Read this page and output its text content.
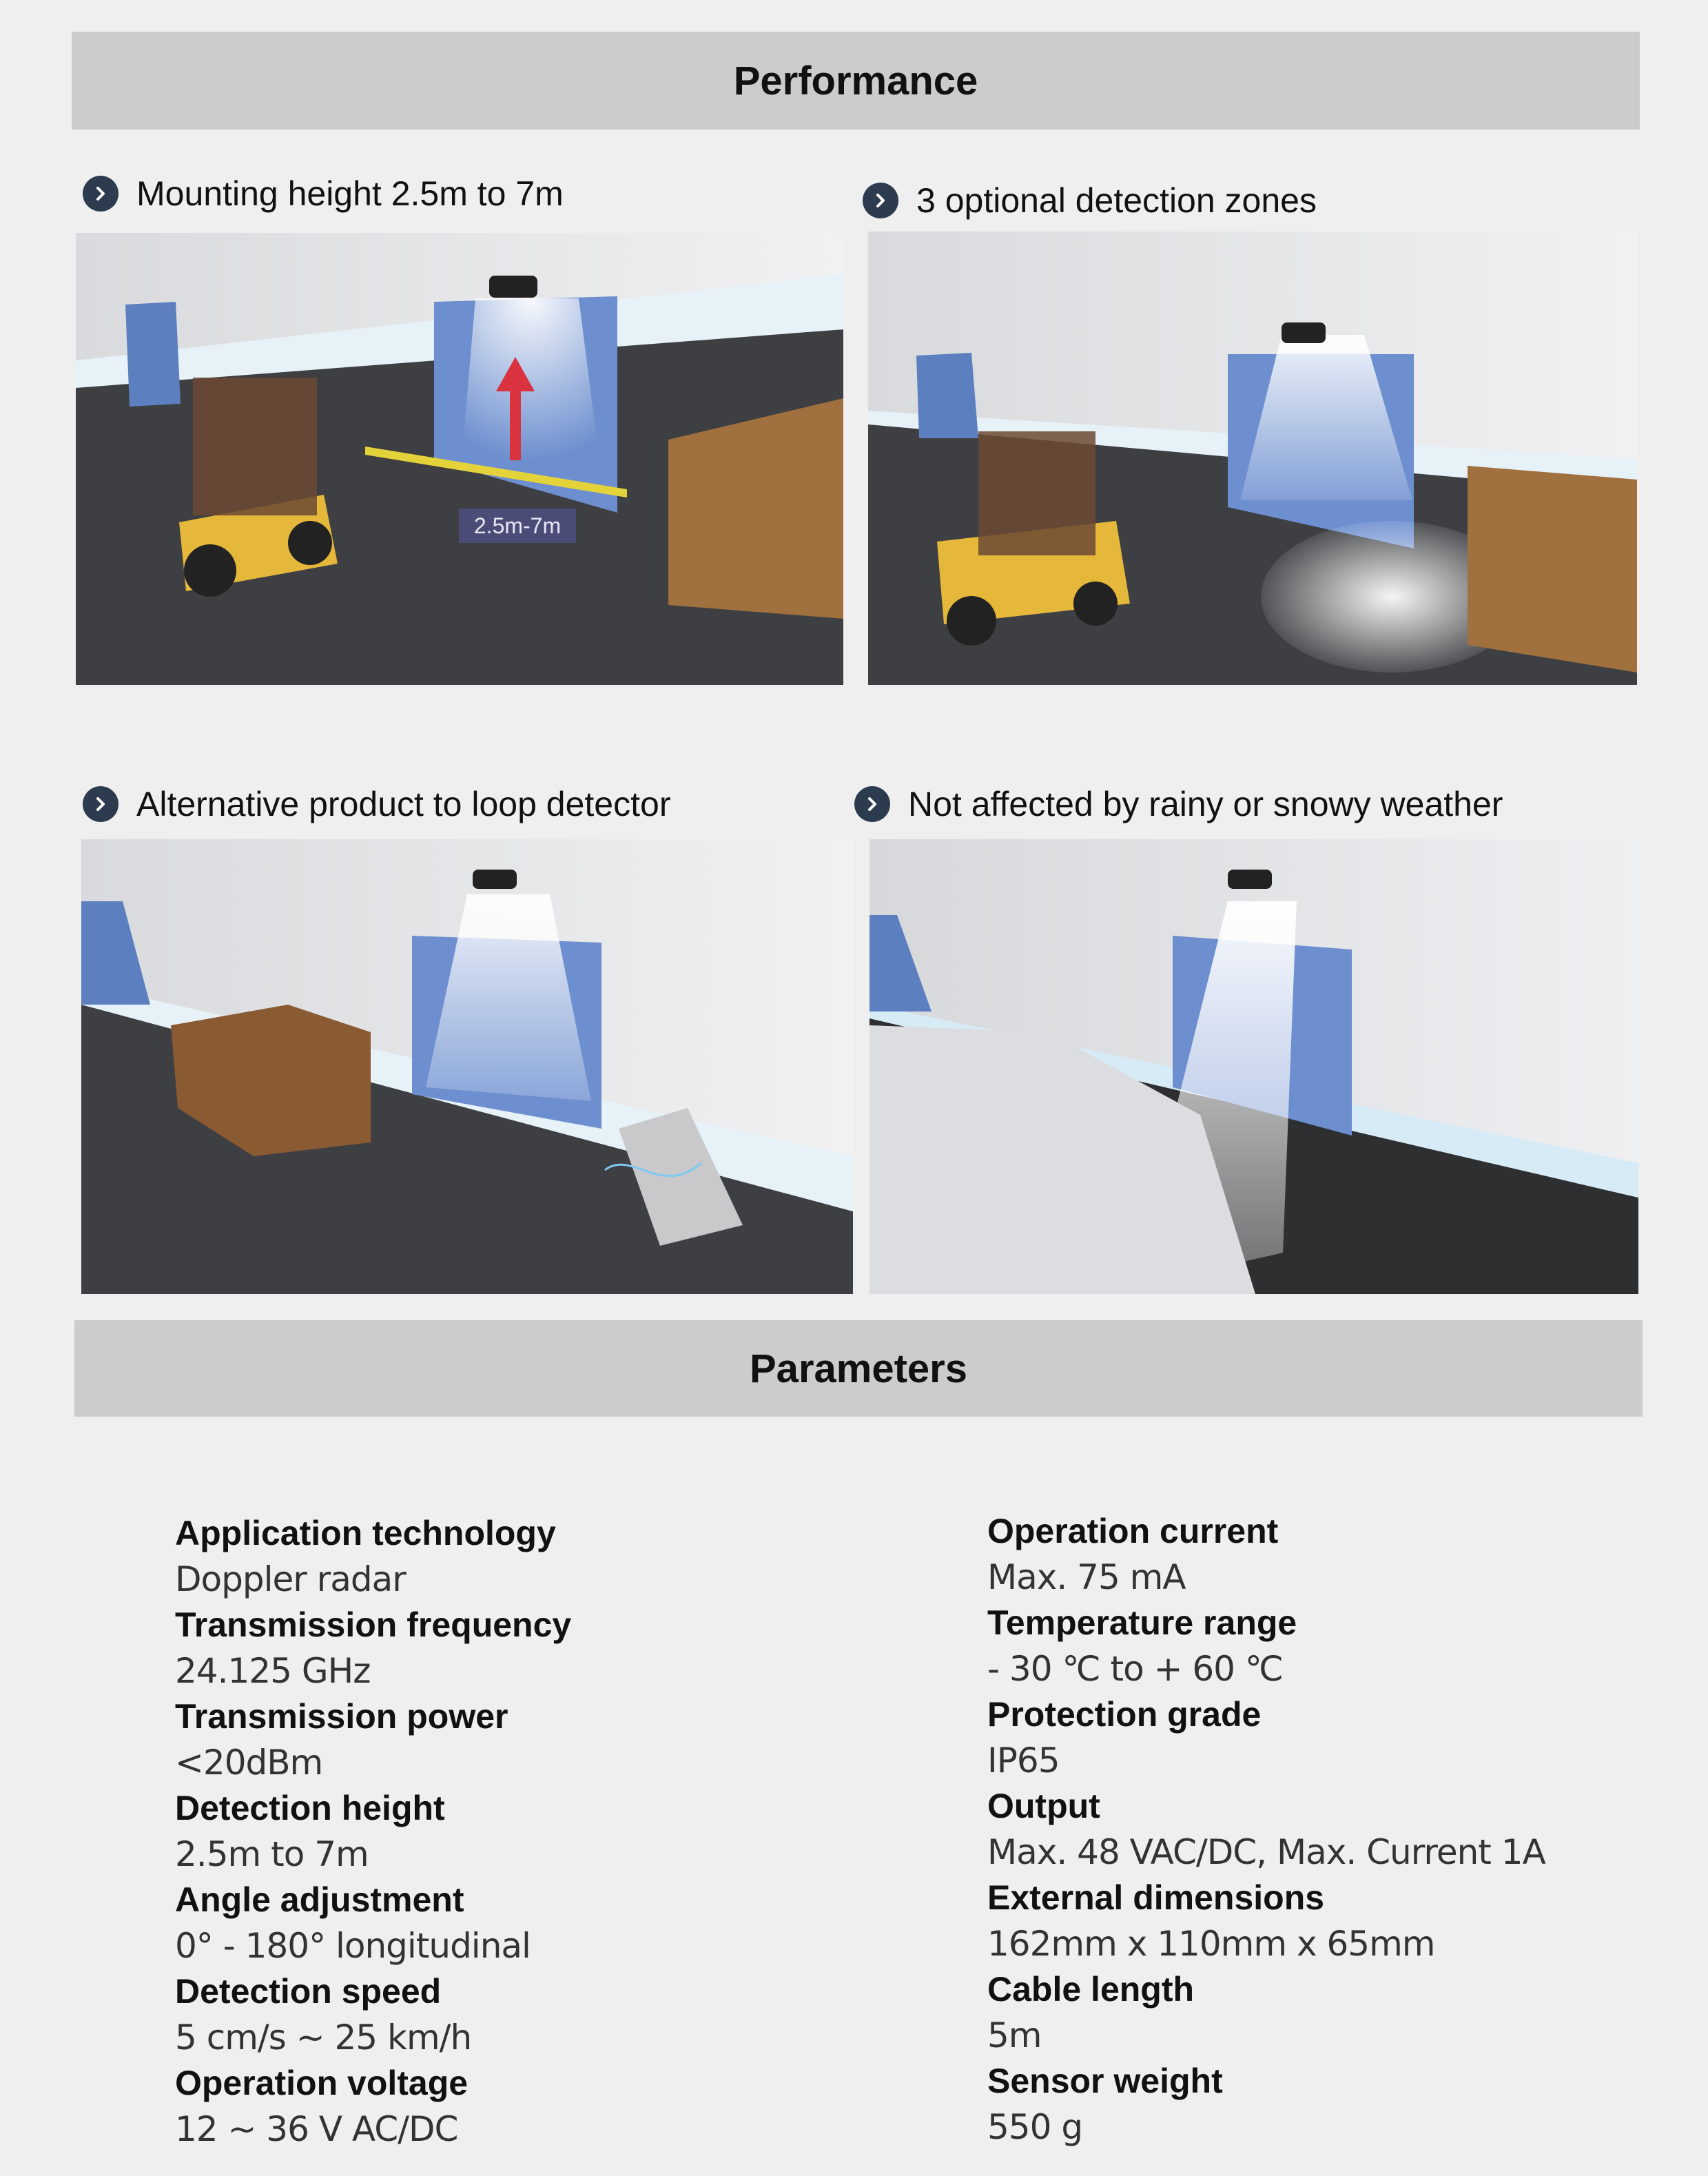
Performance
Mounting height 2.5m to 7m	3 optional detection zones
Alternative product to loop detector	Not affected by rainy or snowy weather
2.5m-7m
Parameters
Application technology
Doppler radar
Transmission frequency
24.125 GHz
Transmission power
<20dBm
Detection height
2.5m to 7m
Angle adjustment
0° - 180° longitudinal
Detection speed
5 cm/s ~ 25 km/h
Operation voltage
12 ~ 36 V AC/DC
Operation current
Max. 75 mA
Temperature range
- 30 ℃ to + 60 ℃
Protection grade
IP65
Output
Max. 48 VAC/DC, Max. Current 1A
External dimensions
162mm x 110mm x 65mm
Cable length
5m
Sensor weight
550 g
